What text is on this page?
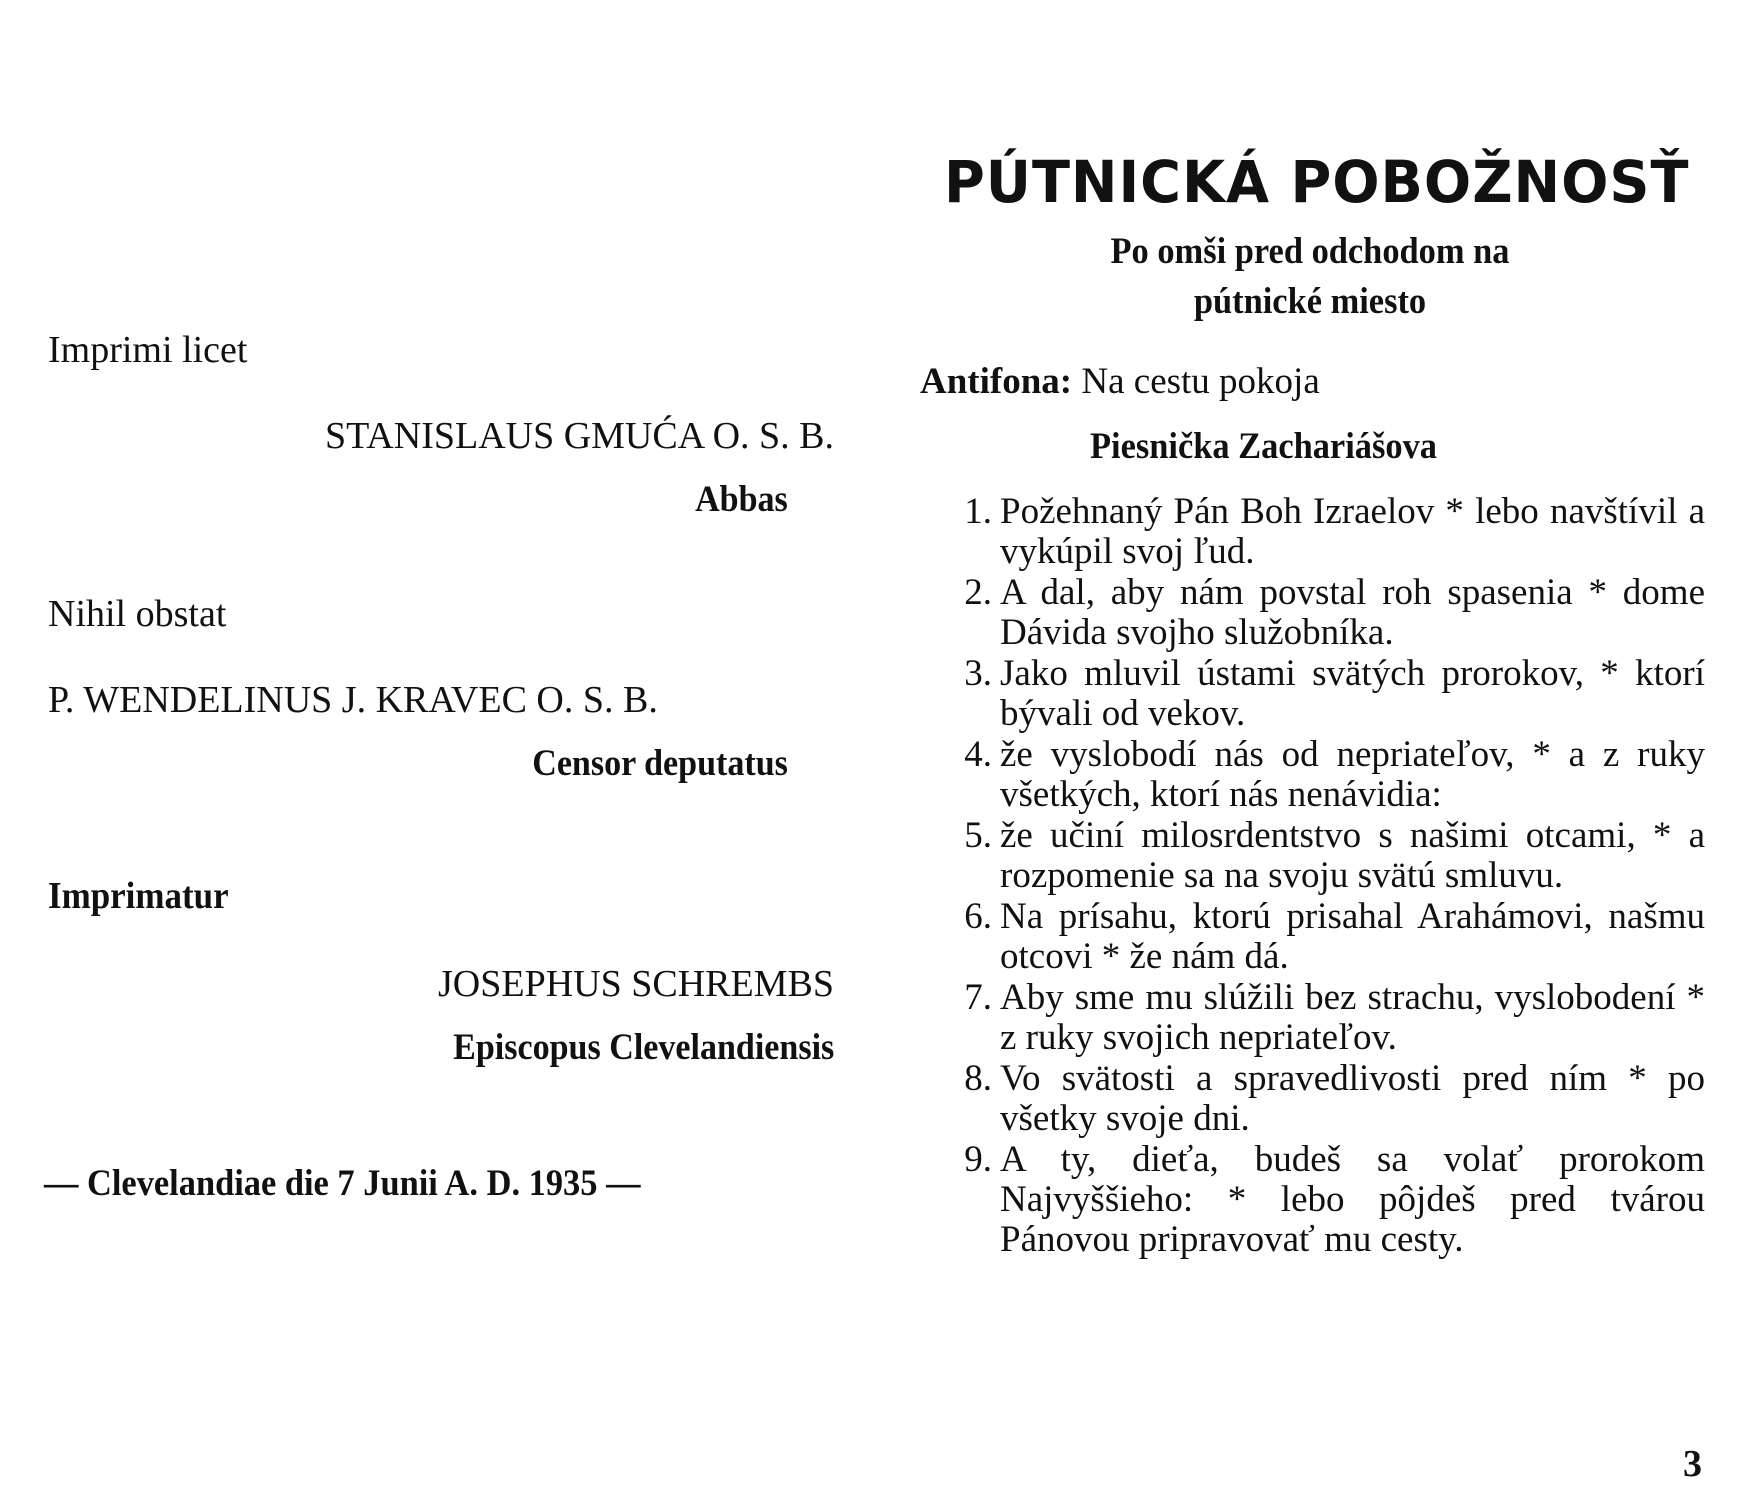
Imprimi licet
STANISLAUS GMUĆA O. S. B.
Abbas
Nihil obstat
P. WENDELINUS J. KRAVEC O. S. B.
Censor deputatus
Imprimatur
JOSEPHUS SCHREMBS
Episcopus Clevelandiensis
— Clevelandiae die 7 Junii A. D. 1935 —
PÚTNICKÁ POBOŽNOSŤ
Po omši pred odchodom na
pútnické miesto
Antifona: Na cestu pokoja
Piesnička Zachariášova
1. Požehnaný Pán Boh Izraelov * lebo navštívil a vykúpil svoj ľud.
2. A dal, aby nám povstal roh spasenia * dome Dávida svojho služobníka.
3. Jako mluvil ústami svätých prorokov, * ktorí bývali od vekov.
4. že vyslobodí nás od nepriateľov, * a z ruky všetkých, ktorí nás nenávidia:
5. že učiní milosrdentstvo s našimi otcami, * a rozpomenie sa na svoju svätú smluvu.
6. Na prísahu, ktorú prisahal Arahámovi, našmu otcovi * že nám dá.
7. Aby sme mu slúžili bez strachu, vyslobodení * z ruky svojich nepriateľov.
8. Vo svätosti a spravedlivosti pred ním * po všetky svoje dni.
9. A ty, dieťa, budeš sa volať prorokom Najvyššieho: * lebo pôjdeš pred tvárou Pánovou pripravovať mu cesty.
3
